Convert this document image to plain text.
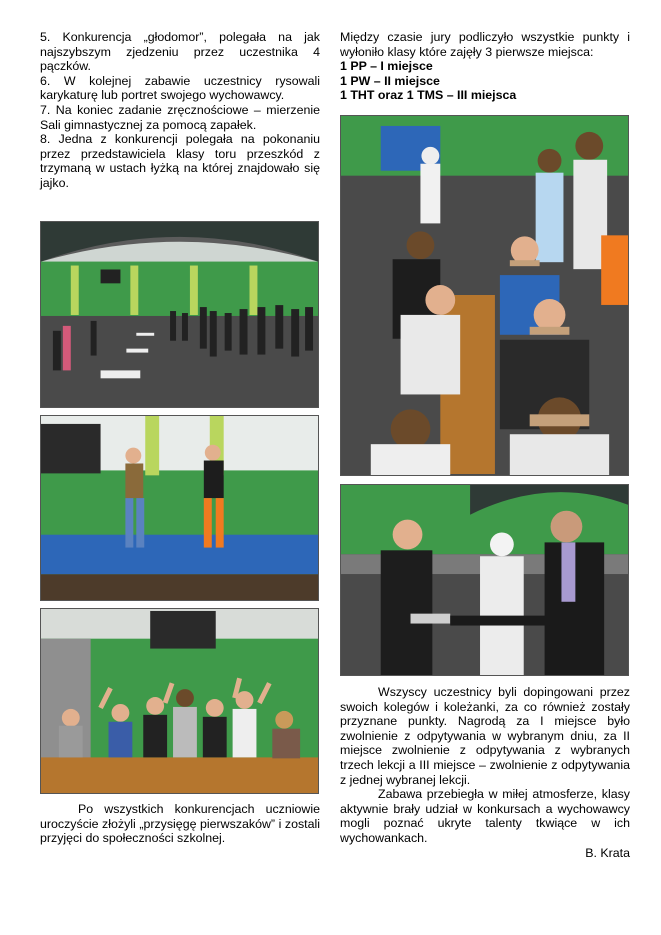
5. Konkurencja „głodomor”, polegała na jak najszybszym zjedzeniu przez uczestnika 4 pączków.

6. W kolejnej zabawie uczestnicy rysowali karykaturę lub portret swojego wychowawcy.

7. Na koniec zadanie zręcznościowe – mierzenie Sali gimnastycznej za pomocą zapałek.

8. Jedna z konkurencji polegała na pokonaniu przez przedstawiciela klasy toru przeszkód z trzymaną w ustach łyżką na której znajdowało się jajko.

Po wszystkich konkurencjach uczniowie uroczyście złożyli „przysięgę pierwszaków” i zostali przyjęci do społeczności szkolnej.

Między czasie jury podliczyło wszystkie punkty i wyłoniło klasy które zajęły 3 pierwsze miejsca:

1 PP – I miejsce

1 PW – II miejsce

1 THT oraz 1 TMS – III miejsca

Wszyscy uczestnicy byli dopingowani przez swoich kolegów i koleżanki, za co również zostały przyznane punkty. Nagrodą za I miejsce było zwolnienie z odpytywania w wybranym dniu, za II miejsce zwolnienie z odpytywania z wybranych trzech lekcji a III miejsce – zwolnienie z odpytywania z jednej wybranej lekcji.

Zabawa przebiegła w miłej atmosferze, klasy aktywnie brały udział w konkursach a wychowawcy mogli poznać ukryte talenty tkwiące w ich wychowankach.

B. Krata
